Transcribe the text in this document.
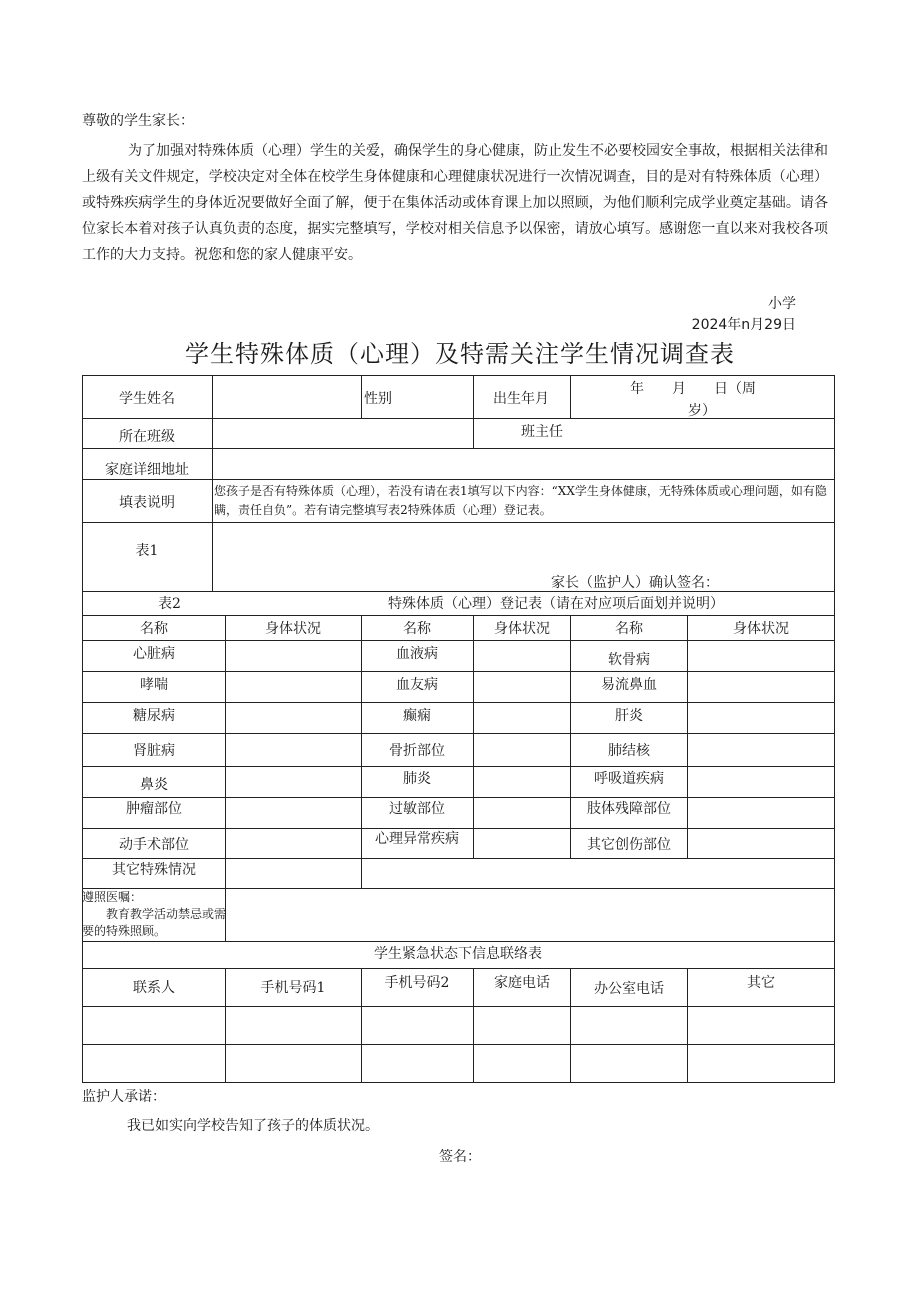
尊敬的学生家长：
为了加强对特殊体质（心理）学生的关爱，确保学生的身心健康，防止发生不必要校园安全事故，根据相关法律和上级有关文件规定，学校决定对全体在校学生身体健康和心理健康状况进行一次情况调查，目的是对有特殊体质（心理）或特殊疾病学生的身体近况要做好全面了解，便于在集体活动或体育课上加以照顾，为他们顺利完成学业奠定基础。请各位家长本着对孩子认真负责的态度，据实完整填写，学校对相关信息予以保密，请放心填写。感谢您一直以来对我校各项工作的大力支持。祝您和您的家人健康平安。
小学
2024年n月29日
学生特殊体质（心理）及特需关注学生情况调查表
学生姓名	性别	出生年月
年　　月　　日（周
岁）
所在班级	班主任
家庭详细地址
填表说明
您孩子是否有特殊体质（心理），若没有请在表1填写以下内容：“XX学生身体健康，无特殊体质或心理问题，如有隐瞒，责任自负”。若有请完整填写表2特殊体质（心理）登记表。
表1
家长（监护人）确认签名：
表2	特殊体质（心理）登记表（请在对应项后面划并说明）
名称	身体状况	名称	身体状况	名称	身体状况
心脏病	血液病	软骨病
哮喘	血友病	易流鼻血
糖尿病	癫痫	肝炎
肾脏病	骨折部位	肺结核
鼻炎	肺炎	呼吸道疾病
肿瘤部位	过敏部位	肢体残障部位
动手术部位	心理异常疾病	其它创伤部位
其它特殊情况
遵照医嘱：
　　教育教学活动禁忌或需要的特殊照顾。
学生紧急状态下信息联络表
联系人	手机号码1	手机号码2	家庭电话	办公室电话	其它
监护人承诺：
我已如实向学校告知了孩子的体质状况。
签名：
